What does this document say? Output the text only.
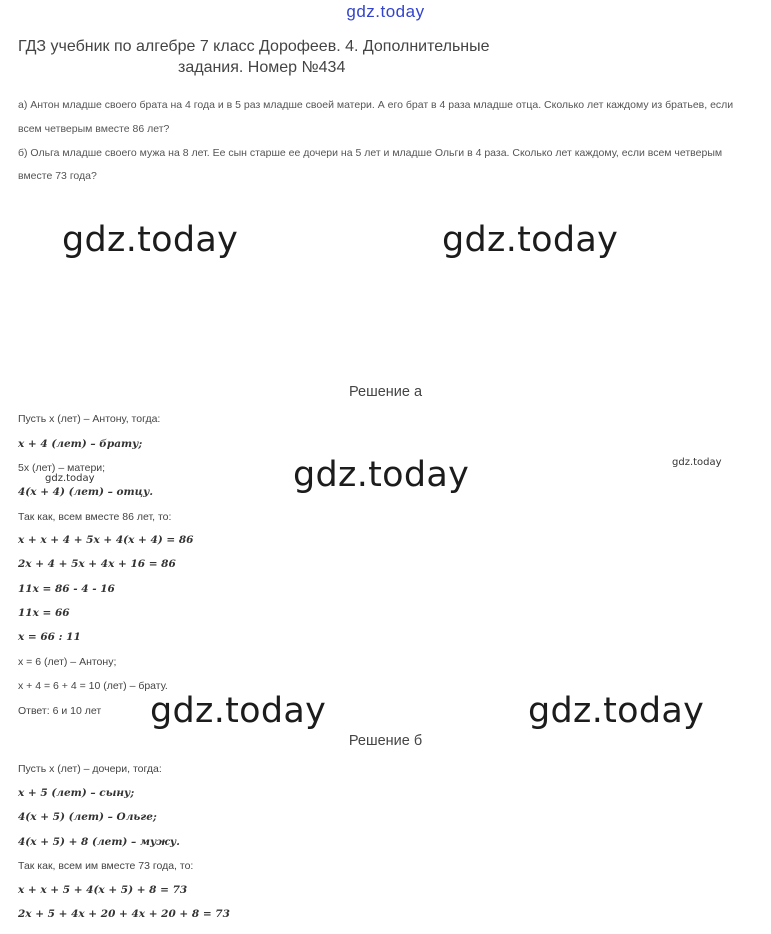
gdz.today
ГДЗ учебник по алгебре 7 класс Дорофеев. 4. Дополнительные
задания. Номер №434
а) Антон младше своего брата на 4 года и в 5 раз младше своей матери. А его брат в 4 раза младше отца. Сколько лет каждому из братьев, если
всем четверым вместе 86 лет?
б) Ольга младше своего мужа на 8 лет. Ее сын старше ее дочери на 5 лет и младше Ольги в 4 раза. Сколько лет каждому, если всем четверым
вместе 73 года?
gdz.today	gdz.today
Решение а
Пусть x (лет) – Антону, тогда:
x + 4 (лет) – брату;
5x (лет) – матери;
4(x + 4) (лет) – отцу.
Так как, всем вместе 86 лет, то:
x + x + 4 + 5x + 4(x + 4) = 86
2x + 4 + 5x + 4x + 16 = 86
11x = 86 - 4 - 16
11x = 66
x = 66 : 11
x = 6 (лет) – Антону;
x + 4 = 6 + 4 = 10 (лет) – брату.
Ответ: 6 и 10 лет
gdz.today	gdz.today	gdz.today
gdz.today	gdz.today
Решение б
Пусть x (лет) – дочери, тогда:
x + 5 (лет) – сыну;
4(x + 5) (лет) – Ольге;
4(x + 5) + 8 (лет) – мужу.
Так как, всем им вместе 73 года, то:
x + x + 5 + 4(x + 5) + 8 = 73
2x + 5 + 4x + 20 + 4x + 20 + 8 = 73
